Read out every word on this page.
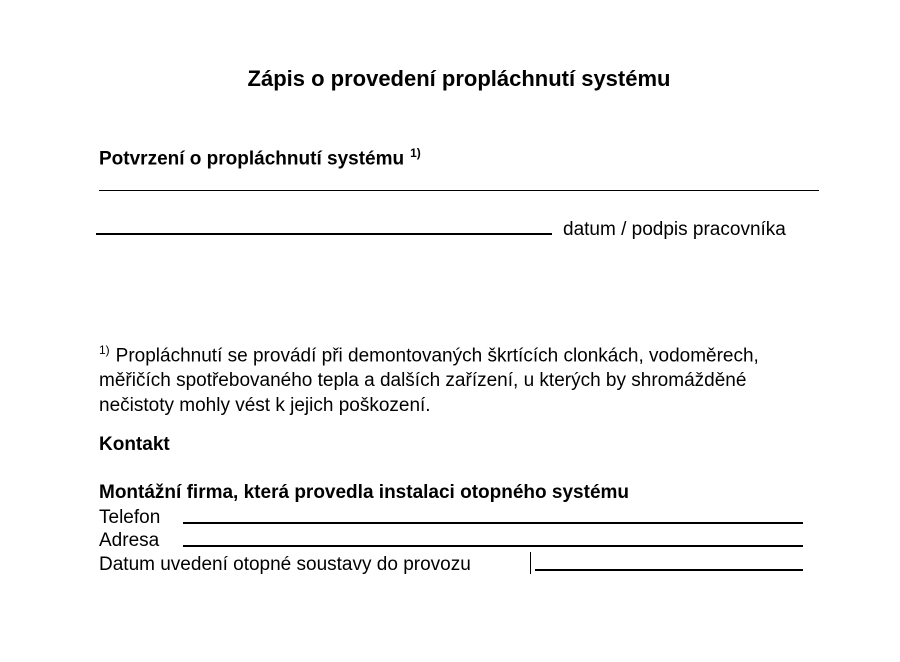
Zápis o provedení propláchnutí systému
Potvrzení o propláchnutí systému $^{1)}$
datum / podpis pracovníka
$^{1)}$ Propláchnutí se provádí při demontovaných škrtících clonkách, vodoměrech, měřičích spotřebovaného tepla a dalších zařízení, u kterých by shromážděné nečistoty mohly vést k jejich poškození.
Kontakt
Montážní firma, která provedla instalaci otopného systému
Telefon
Adresa
Datum uvedení otopné soustavy do provozu
